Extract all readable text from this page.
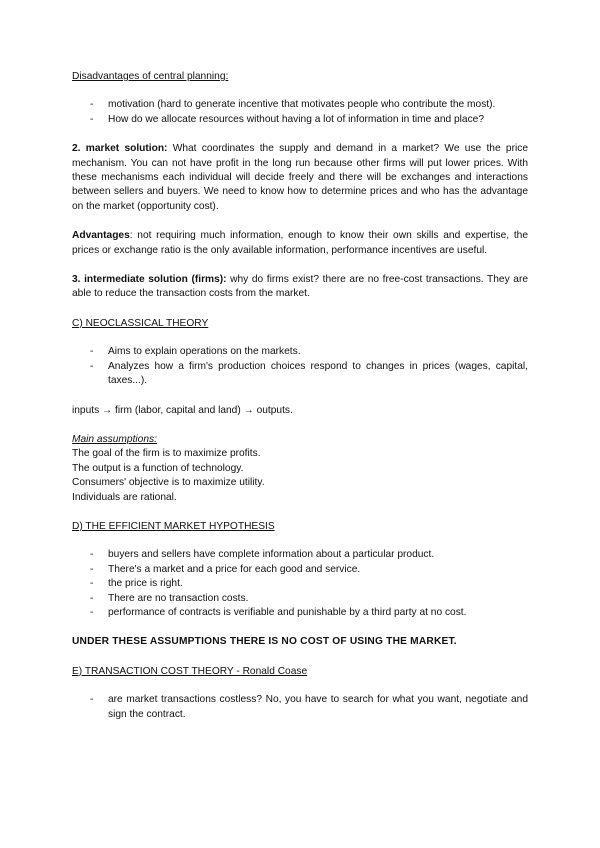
Disadvantages of central planning:

- motivation (hard to generate incentive that motivates people who contribute the most).
- How do we allocate resources without having a lot of information in time and place?

2. market solution: What coordinates the supply and demand in a market? We use the price mechanism. You can not have profit in the long run because other firms will put lower prices. With these mechanisms each individual will decide freely and there will be exchanges and interactions between sellers and buyers. We need to know how to determine prices and who has the advantage on the market (opportunity cost).

Advantages: not requiring much information, enough to know their own skills and expertise, the prices or exchange ratio is the only available information, performance incentives are useful.

3. intermediate solution (firms): why do firms exist? there are no free-cost transactions. They are able to reduce the transaction costs from the market.

C) NEOCLASSICAL THEORY

- Aims to explain operations on the markets.
- Analyzes how a firm's production choices respond to changes in prices (wages, capital, taxes...).

inputs → firm (labor, capital and land) → outputs.

Main assumptions:

The goal of the firm is to maximize profits.

The output is a function of technology.

Consumers' objective is to maximize utility.

Individuals are rational.

D) THE EFFICIENT MARKET HYPOTHESIS

- buyers and sellers have complete information about a particular product.
- There's a market and a price for each good and service.
- the price is right.
- There are no transaction costs.
- performance of contracts is verifiable and punishable by a third party at no cost.

UNDER THESE ASSUMPTIONS THERE IS NO COST OF USING THE MARKET.

E) TRANSACTION COST THEORY - Ronald Coase

- are market transactions costless? No, you have to search for what you want, negotiate and sign the contract.
